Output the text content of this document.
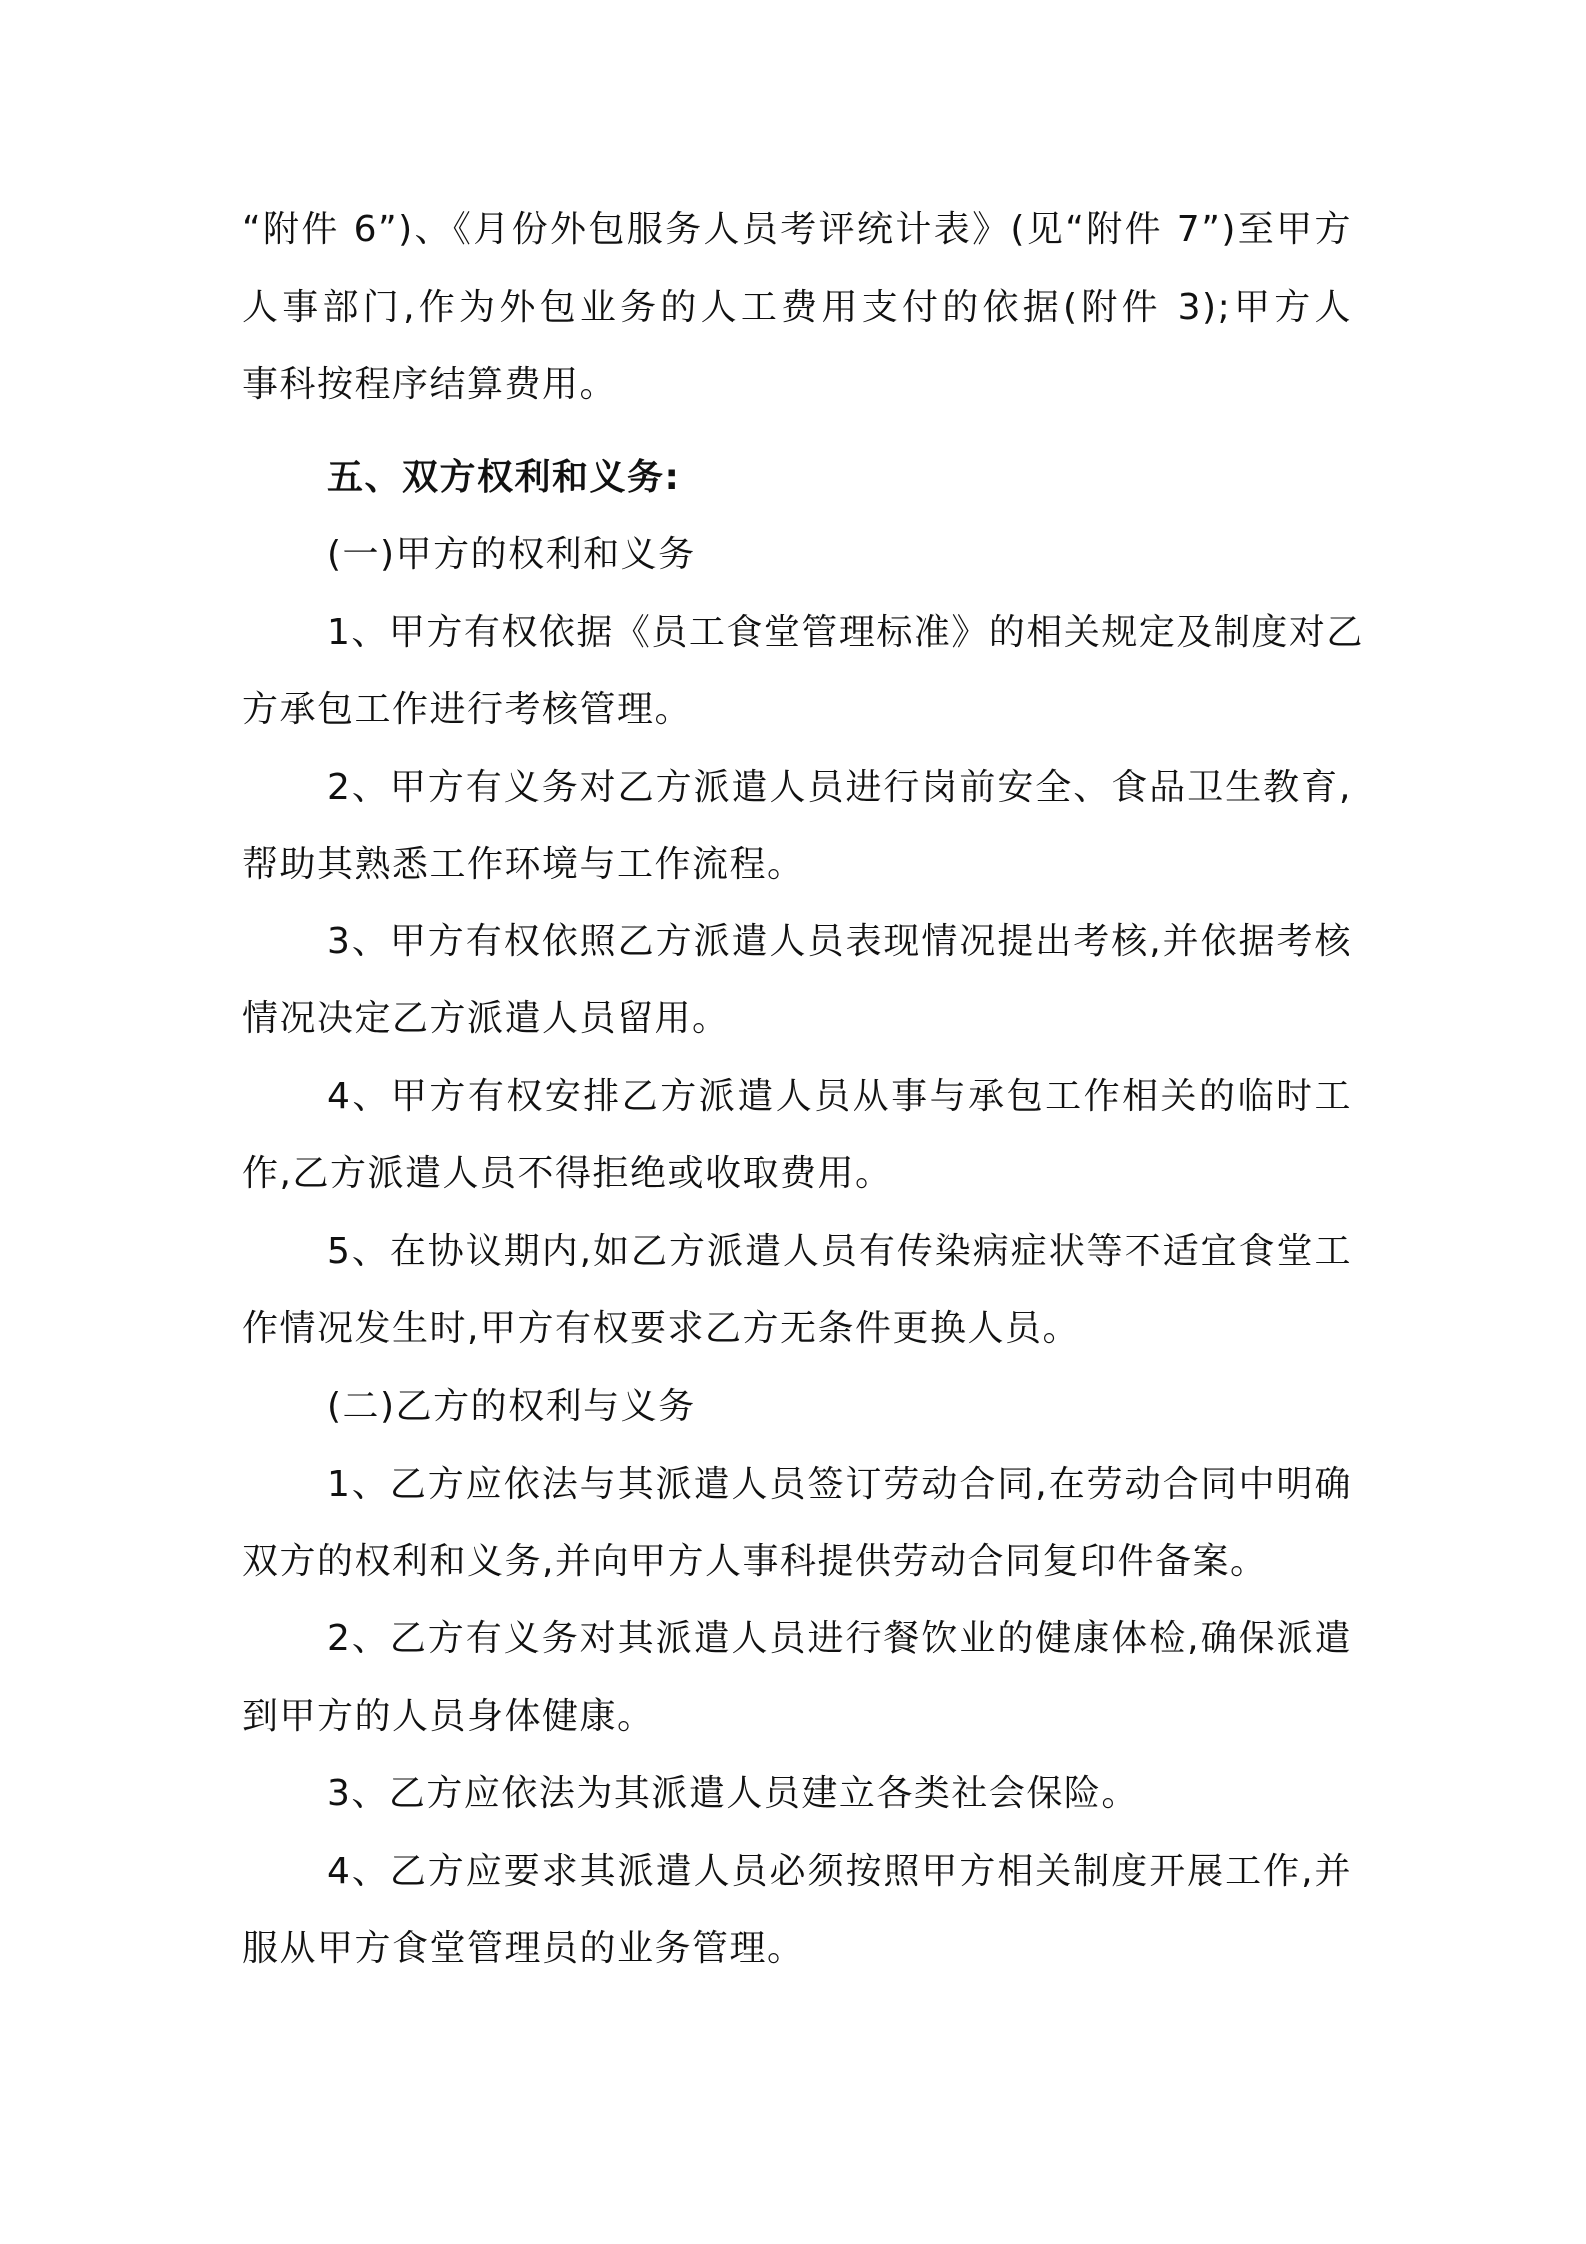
“附件 6”)、《月份外包服务人员考评统计表》(见“附件 7”)至甲方
人事部门,作为外包业务的人工费用支付的依据(附件 3);甲方人
事科按程序结算费用。
五、双方权利和义务:
(一)甲方的权利和义务
1、甲方有权依据《员工食堂管理标准》的相关规定及制度对乙
方承包工作进行考核管理。
2、甲方有义务对乙方派遣人员进行岗前安全、食品卫生教育,
帮助其熟悉工作环境与工作流程。
3、甲方有权依照乙方派遣人员表现情况提出考核,并依据考核
情况决定乙方派遣人员留用。
4、甲方有权安排乙方派遣人员从事与承包工作相关的临时工
作,乙方派遣人员不得拒绝或收取费用。
5、在协议期内,如乙方派遣人员有传染病症状等不适宜食堂工
作情况发生时,甲方有权要求乙方无条件更换人员。
(二)乙方的权利与义务
1、乙方应依法与其派遣人员签订劳动合同,在劳动合同中明确
双方的权利和义务,并向甲方人事科提供劳动合同复印件备案。
2、乙方有义务对其派遣人员进行餐饮业的健康体检,确保派遣
到甲方的人员身体健康。
3、乙方应依法为其派遣人员建立各类社会保险。
4、乙方应要求其派遣人员必须按照甲方相关制度开展工作,并
服从甲方食堂管理员的业务管理。
